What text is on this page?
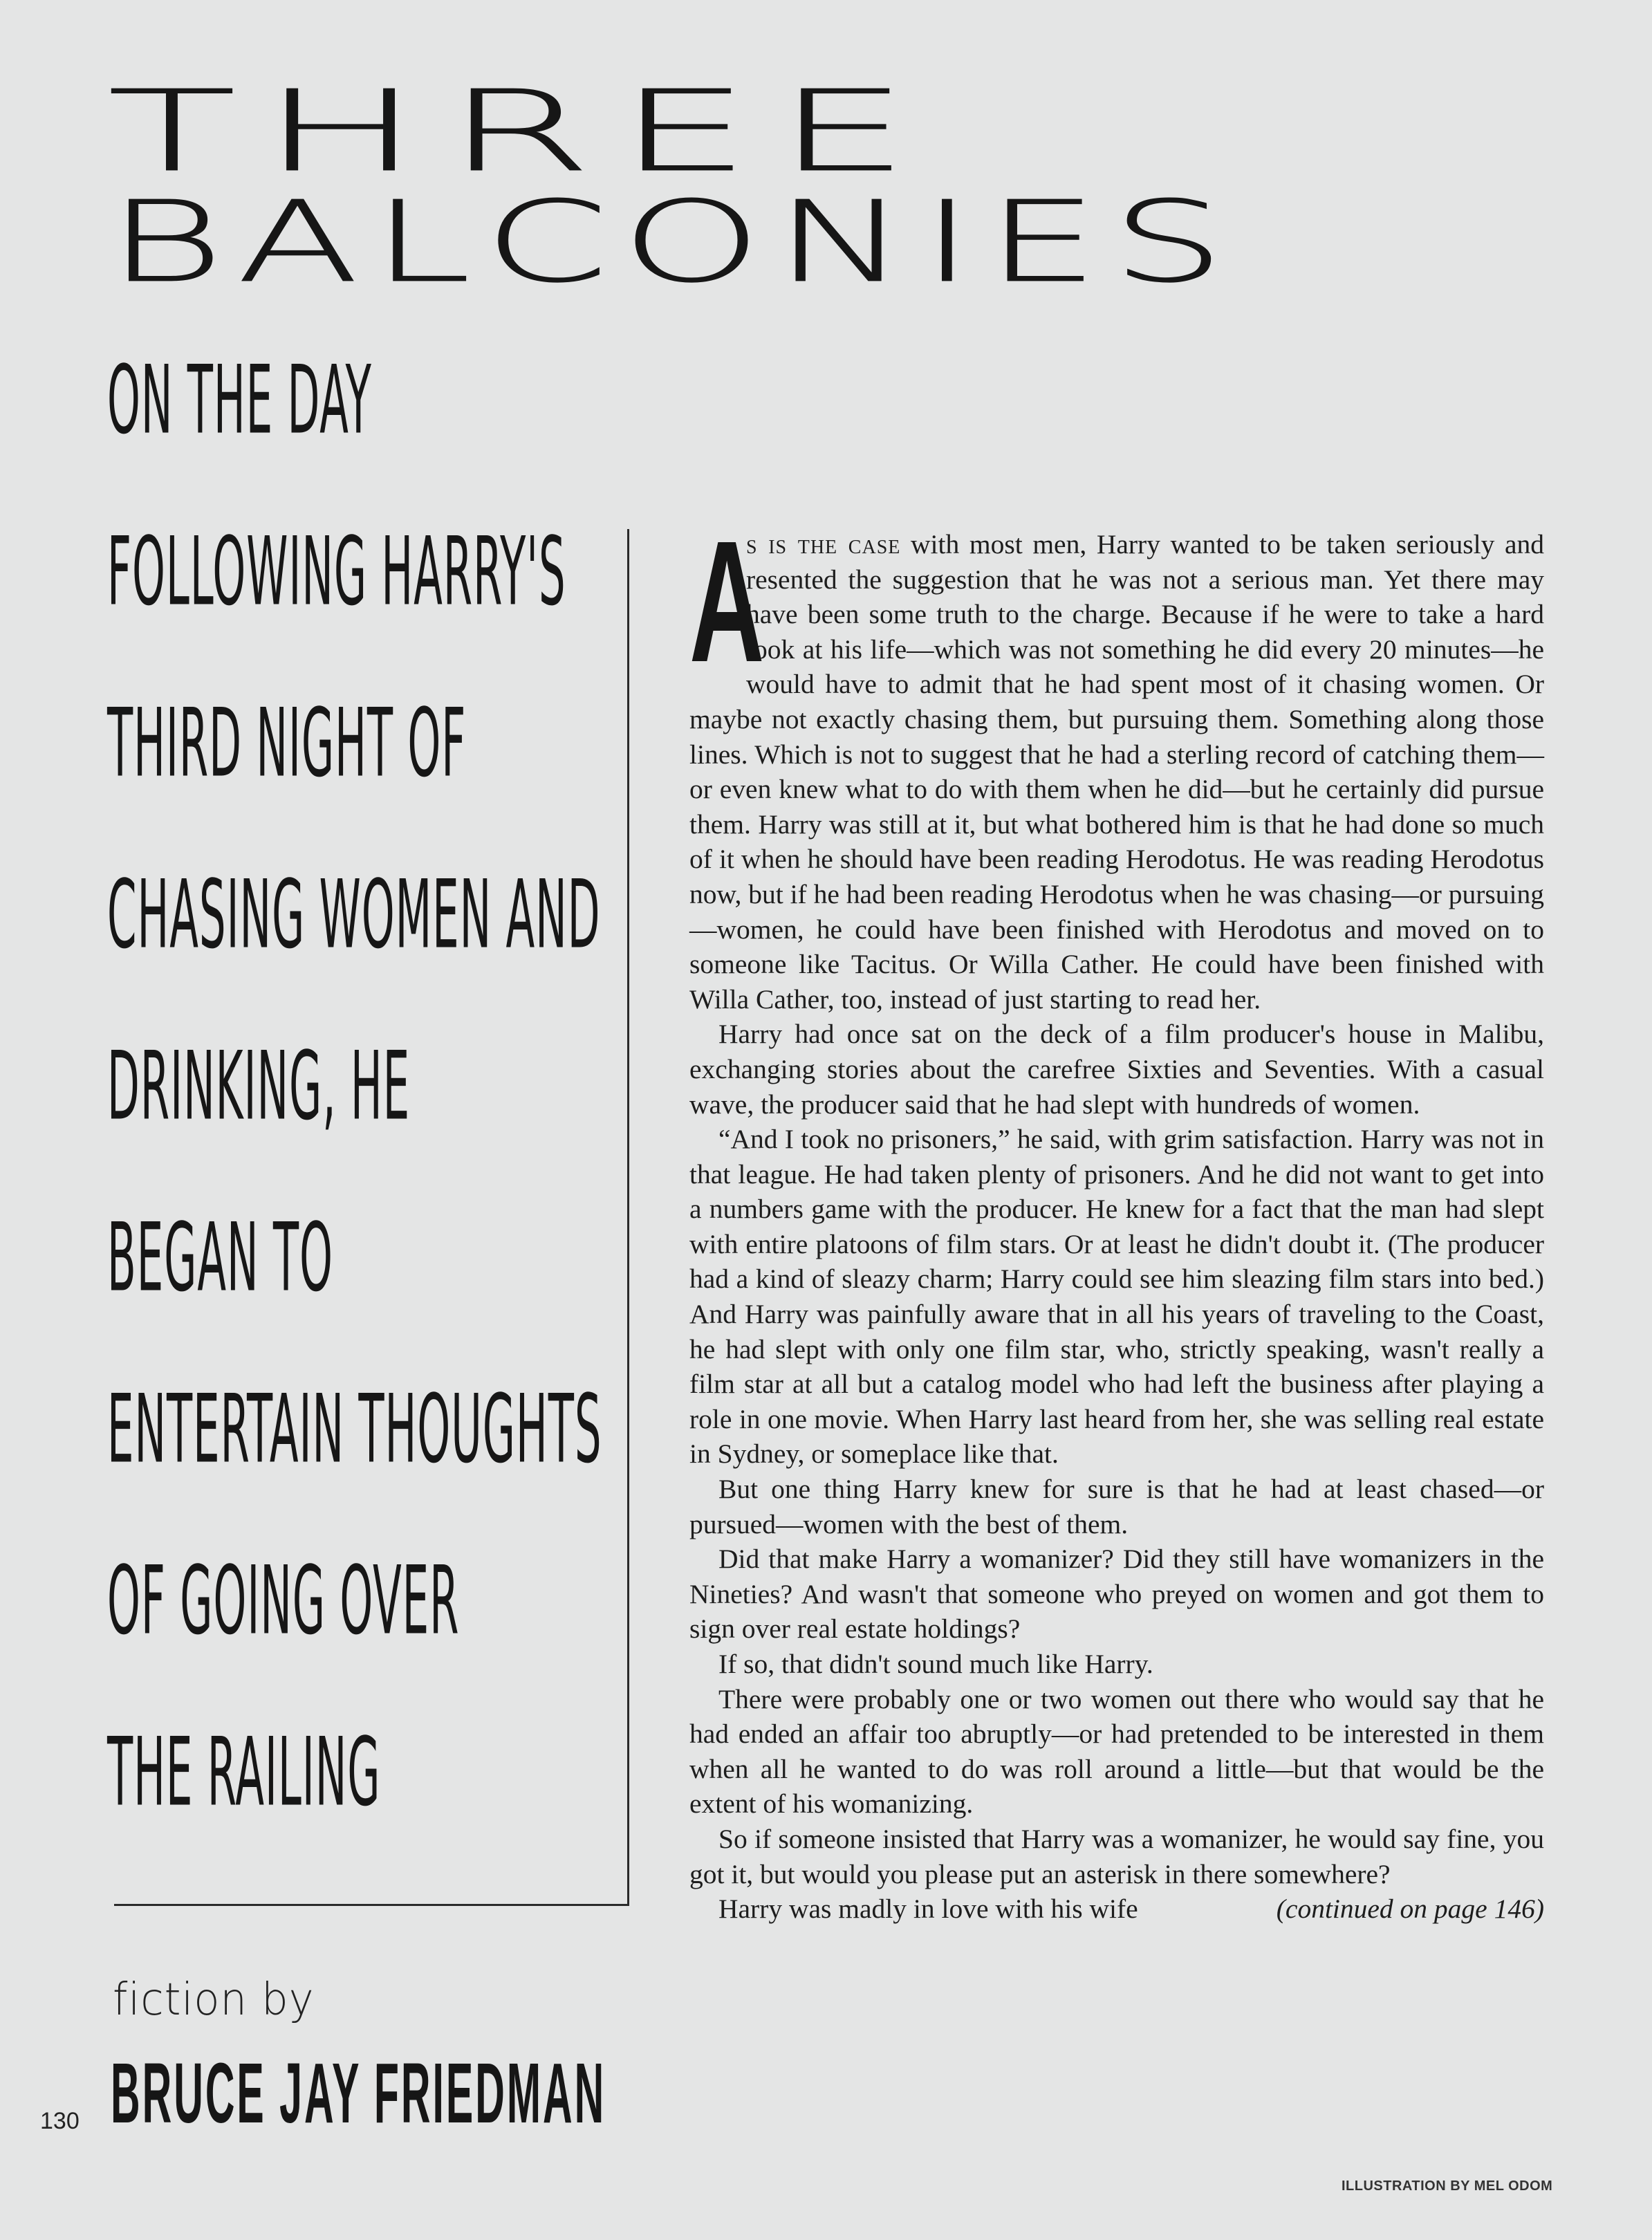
THREE
BALCONIES
ON THE DAY
FOLLOWING HARRY'S
THIRD NIGHT OF
CHASING WOMEN AND
DRINKING, HE
BEGAN TO
ENTERTAIN THOUGHTS
OF GOING OVER
THE RAILING
fiction by
BRUCE JAY FRIEDMAN
130

A
s is the case with most men, Harry wanted to be taken seriously and resented the suggestion that he was not a serious man. Yet there may have been some truth to the charge. Because if he were to take a hard look at his life—which was not something he did every 20 minutes—he would have to admit that he had spent most of it chasing women. Or maybe not exactly chasing them, but pursuing them. Something along those lines. Which is not to suggest that he had a sterling record of catching them—or even knew what to do with them when he did—but he certainly did pursue them. Harry was still at it, but what bothered him is that he had done so much of it when he should have been reading Herodotus. He was reading Herodotus now, but if he had been reading Herodotus when he was chasing—or pursuing—women, he could have been finished with Herodotus and moved on to someone like Tacitus. Or Willa Cather. He could have been finished with Willa Cather, too, instead of just starting to read her.

Harry had once sat on the deck of a film producer's house in Malibu, exchanging stories about the carefree Sixties and Seventies. With a casual wave, the producer said that he had slept with hundreds of women.

“And I took no prisoners,” he said, with grim satisfaction. Harry was not in that league. He had taken plenty of prisoners. And he did not want to get into a numbers game with the producer. He knew for a fact that the man had slept with entire platoons of film stars. Or at least he didn't doubt it. (The producer had a kind of sleazy charm; Harry could see him sleazing film stars into bed.) And Harry was painfully aware that in all his years of traveling to the Coast, he had slept with only one film star, who, strictly speaking, wasn't really a film star at all but a catalog model who had left the business after playing a role in one movie. When Harry last heard from her, she was selling real estate in Sydney, or someplace like that.

But one thing Harry knew for sure is that he had at least chased—or pursued—women with the best of them.

Did that make Harry a womanizer? Did they still have womanizers in the Nineties? And wasn't that someone who preyed on women and got them to sign over real estate holdings?

If so, that didn't sound much like Harry.

There were probably one or two women out there who would say that he had ended an affair too abruptly—or had pretended to be interested in them when all he wanted to do was roll around a little—but that would be the extent of his womanizing.

So if someone insisted that Harry was a womanizer, he would say fine, you got it, but would you please put an asterisk in there somewhere?

Harry was madly in love with his wife	(continued on page 146)

ILLUSTRATION BY MEL ODOM
